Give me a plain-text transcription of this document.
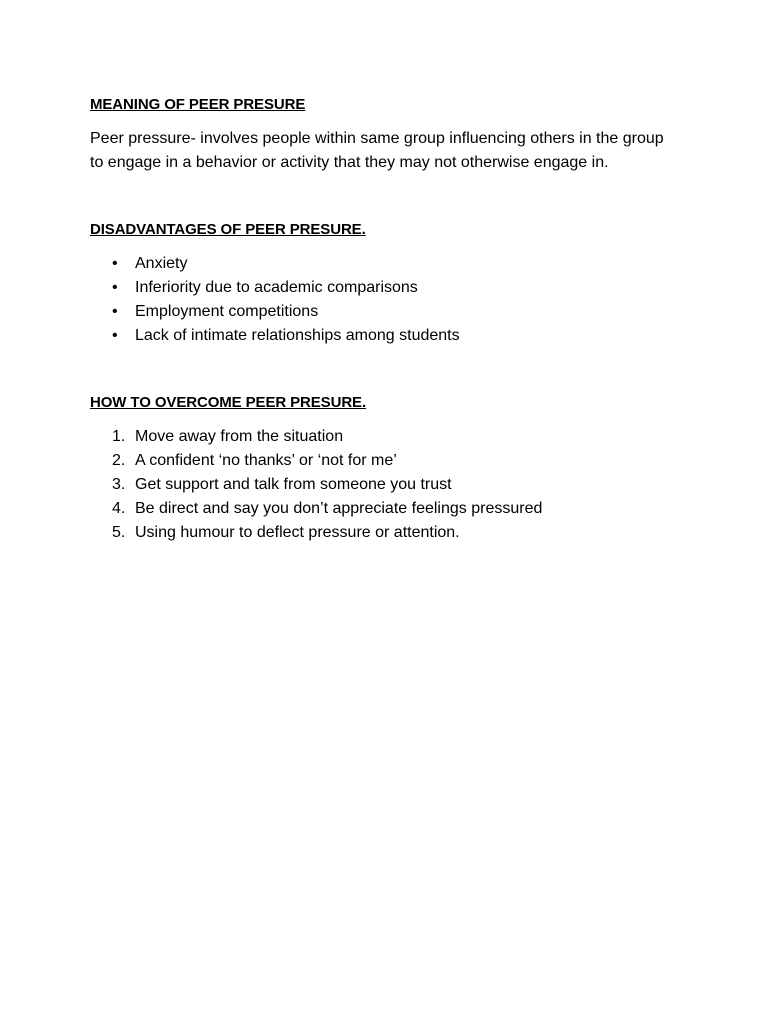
MEANING OF PEER PRESURE

Peer pressure- involves people within same group influencing others in the group
to engage in a behavior or activity that they may not otherwise engage in.

DISADVANTAGES OF PEER PRESURE.

• Anxiety
• Inferiority due to academic comparisons
• Employment competitions
• Lack of intimate relationships among students

HOW TO OVERCOME PEER PRESURE.

1. Move away from the situation
2. A confident ‘no thanks’ or ‘not for me’
3. Get support and talk from someone you trust
4. Be direct and say you don’t appreciate feelings pressured
5. Using humour to deflect pressure or attention.
